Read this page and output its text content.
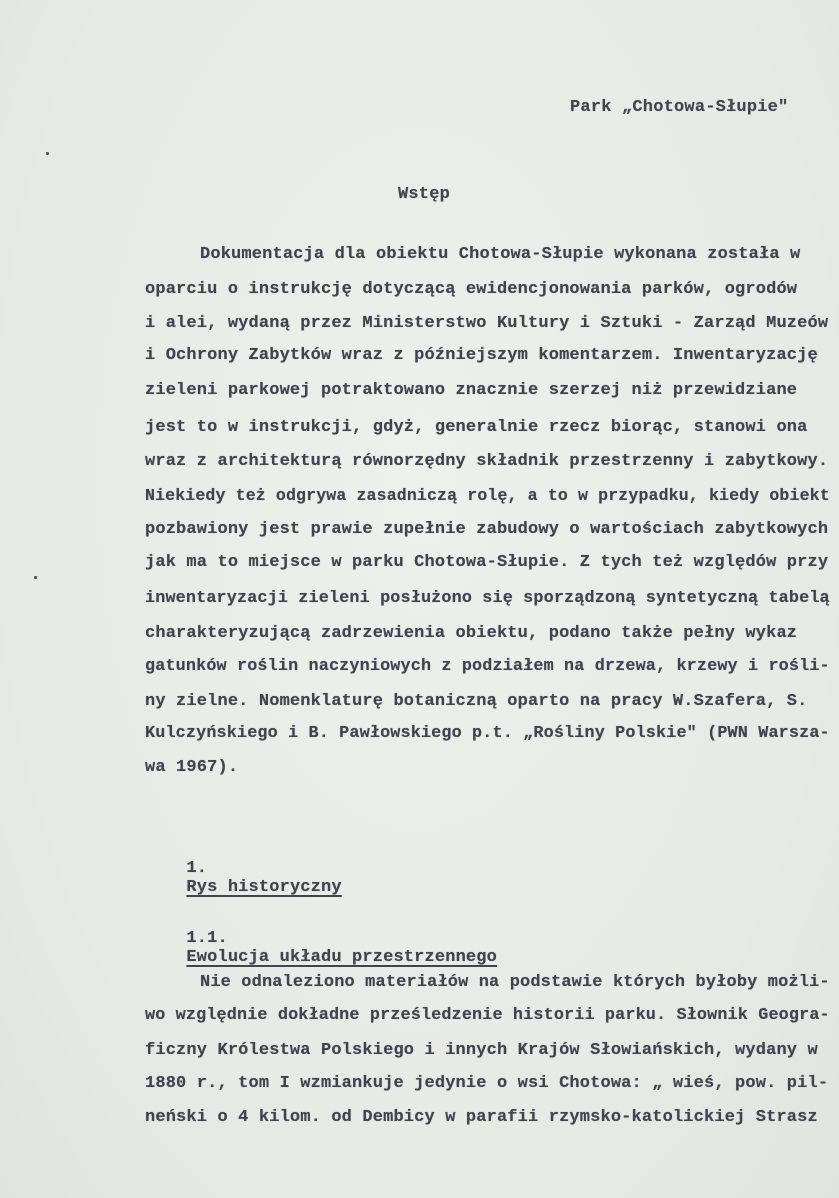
Park „Chotowa-Słupie"
Wstęp
Dokumentacja dla obiektu Chotowa-Słupie wykonana została w
oparciu o instrukcję dotyczącą ewidencjonowania parków, ogrodów
i alei, wydaną przez Ministerstwo Kultury i Sztuki - Zarząd Muzeów
i Ochrony Zabytków wraz z późniejszym komentarzem. Inwentaryzację
zieleni parkowej potraktowano znacznie szerzej niż przewidziane
jest to w instrukcji, gdyż, generalnie rzecz biorąc, stanowi ona
wraz z architekturą równorzędny składnik przestrzenny i zabytkowy.
Niekiedy też odgrywa zasadniczą rolę, a to w przypadku, kiedy obiekt
pozbawiony jest prawie zupełnie zabudowy o wartościach zabytkowych
jak ma to miejsce w parku Chotowa-Słupie. Z tych też względów przy
inwentaryzacji zieleni posłużono się sporządzoną syntetyczną tabelą
charakteryzującą zadrzewienia obiektu, podano także pełny wykaz
gatunków roślin naczyniowych z podziałem na drzewa, krzewy i rośli-
ny zielne. Nomenklaturę botaniczną oparto na pracy W.Szafera, S.
Kulczyńskiego i B. Pawłowskiego p.t. „Rośliny Polskie" (PWN Warsza-
wa 1967).

1.
Rys historyczny

1.1.
Ewolucja układu przestrzennego

Nie odnaleziono materiałów na podstawie których byłoby możli-
wo względnie dokładne prześledzenie historii parku. Słownik Geogra-
ficzny Królestwa Polskiego i innych Krajów Słowiańskich, wydany w
1880 r., tom I wzmiankuje jedynie o wsi Chotowa: „ wieś, pow. pil-
neński o 4 kilom. od Dembicy w parafii rzymsko-katolickiej Strasz
